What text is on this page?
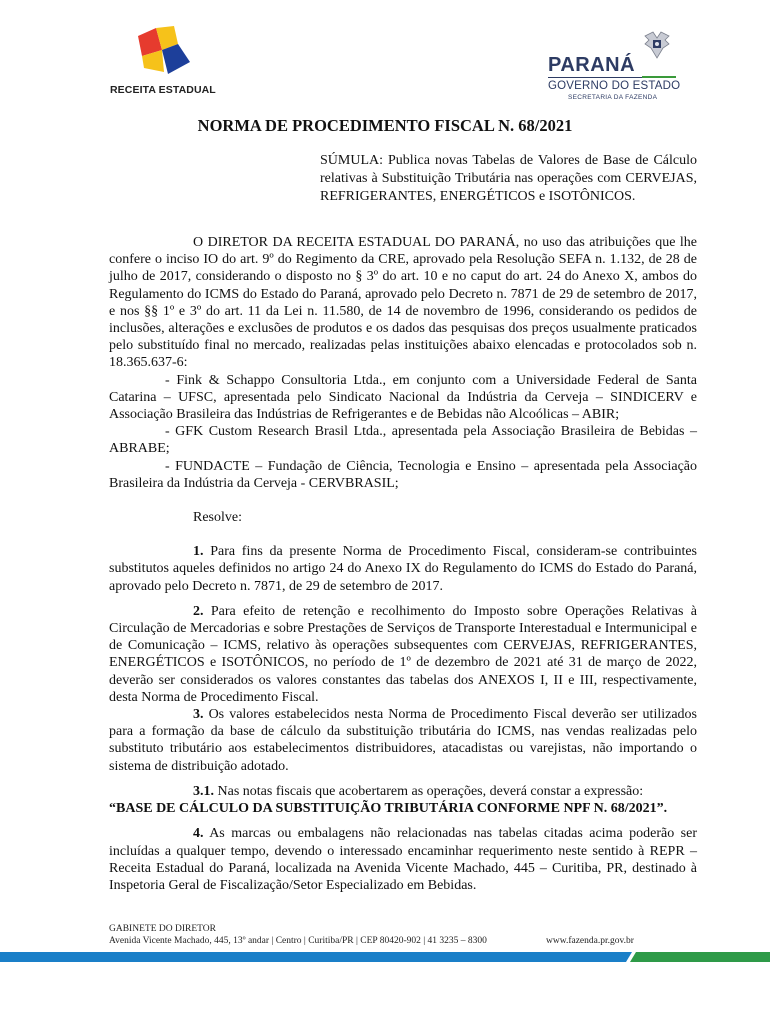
RECEITA ESTADUAL
PARANÁ
GOVERNO DO ESTADO
SECRETARIA DA FAZENDA
NORMA DE PROCEDIMENTO FISCAL N. 68/2021
SÚMULA: Publica novas Tabelas de Valores de Base de Cálculo relativas à Substituição Tributária nas operações com CERVEJAS, REFRIGERANTES, ENERGÉTICOS e ISOTÔNICOS.

O DIRETOR DA RECEITA ESTADUAL DO PARANÁ, no uso das atribuições que lhe confere o inciso IO do art. 9º do Regimento da CRE, aprovado pela Resolução SEFA n. 1.132, de 28 de julho de 2017, considerando o disposto no § 3º do art. 10 e no caput do art. 24 do Anexo X, ambos do Regulamento do ICMS do Estado do Paraná, aprovado pelo Decreto n. 7871 de 29 de setembro de 2017, e nos §§ 1º e 3º do art. 11 da Lei n. 11.580, de 14 de novembro de 1996, considerando os pedidos de inclusões, alterações e exclusões de produtos e os dados das pesquisas dos preços usualmente praticados pelo substituído final no mercado, realizadas pelas instituições abaixo elencadas e protocolados sob n. 18.365.637-6:

- Fink & Schappo Consultoria Ltda., em conjunto com a Universidade Federal de Santa Catarina – UFSC, apresentada pelo Sindicato Nacional da Indústria da Cerveja – SINDICERV e Associação Brasileira das Indústrias de Refrigerantes e de Bebidas não Alcoólicas – ABIR;

- GFK Custom Research Brasil Ltda., apresentada pela Associação Brasileira de Bebidas – ABRABE;

- FUNDACTE – Fundação de Ciência, Tecnologia e Ensino – apresentada pela Associação Brasileira da Indústria da Cerveja - CERVBRASIL;

Resolve:

1. Para fins da presente Norma de Procedimento Fiscal, consideram-se contribuintes substitutos aqueles definidos no artigo 24 do Anexo IX do Regulamento do ICMS do Estado do Paraná, aprovado pelo Decreto n. 7871, de 29 de setembro de 2017.

2. Para efeito de retenção e recolhimento do Imposto sobre Operações Relativas à Circulação de Mercadorias e sobre Prestações de Serviços de Transporte Interestadual e Intermunicipal e de Comunicação – ICMS, relativo às operações subsequentes com CERVEJAS, REFRIGERANTES, ENERGÉTICOS e ISOTÔNICOS, no período de 1º de dezembro de 2021 até 31 de março de 2022, deverão ser considerados os valores constantes das tabelas dos ANEXOS I, II e III, respectivamente, desta Norma de Procedimento Fiscal.

3. Os valores estabelecidos nesta Norma de Procedimento Fiscal deverão ser utilizados para a formação da base de cálculo da substituição tributária do ICMS, nas vendas realizadas pelo substituto tributário aos estabelecimentos distribuidores, atacadistas ou varejistas, não importando o sistema de distribuição adotado.

3.1. Nas notas fiscais que acobertarem as operações, deverá constar a expressão:

“BASE DE CÁLCULO DA SUBSTITUIÇÃO TRIBUTÁRIA CONFORME NPF N. 68/2021”.

4. As marcas ou embalagens não relacionadas nas tabelas citadas acima poderão ser incluídas a qualquer tempo, devendo o interessado encaminhar requerimento neste sentido à REPR – Receita Estadual do Paraná, localizada na Avenida Vicente Machado, 445 – Curitiba, PR, destinado à Inspetoria Geral de Fiscalização/Setor Especializado em Bebidas.

GABINETE DO DIRETOR
Avenida Vicente Machado, 445, 13º andar | Centro | Curitiba/PR | CEP 80420-902 | 41 3235 – 8300	www.fazenda.pr.gov.br
